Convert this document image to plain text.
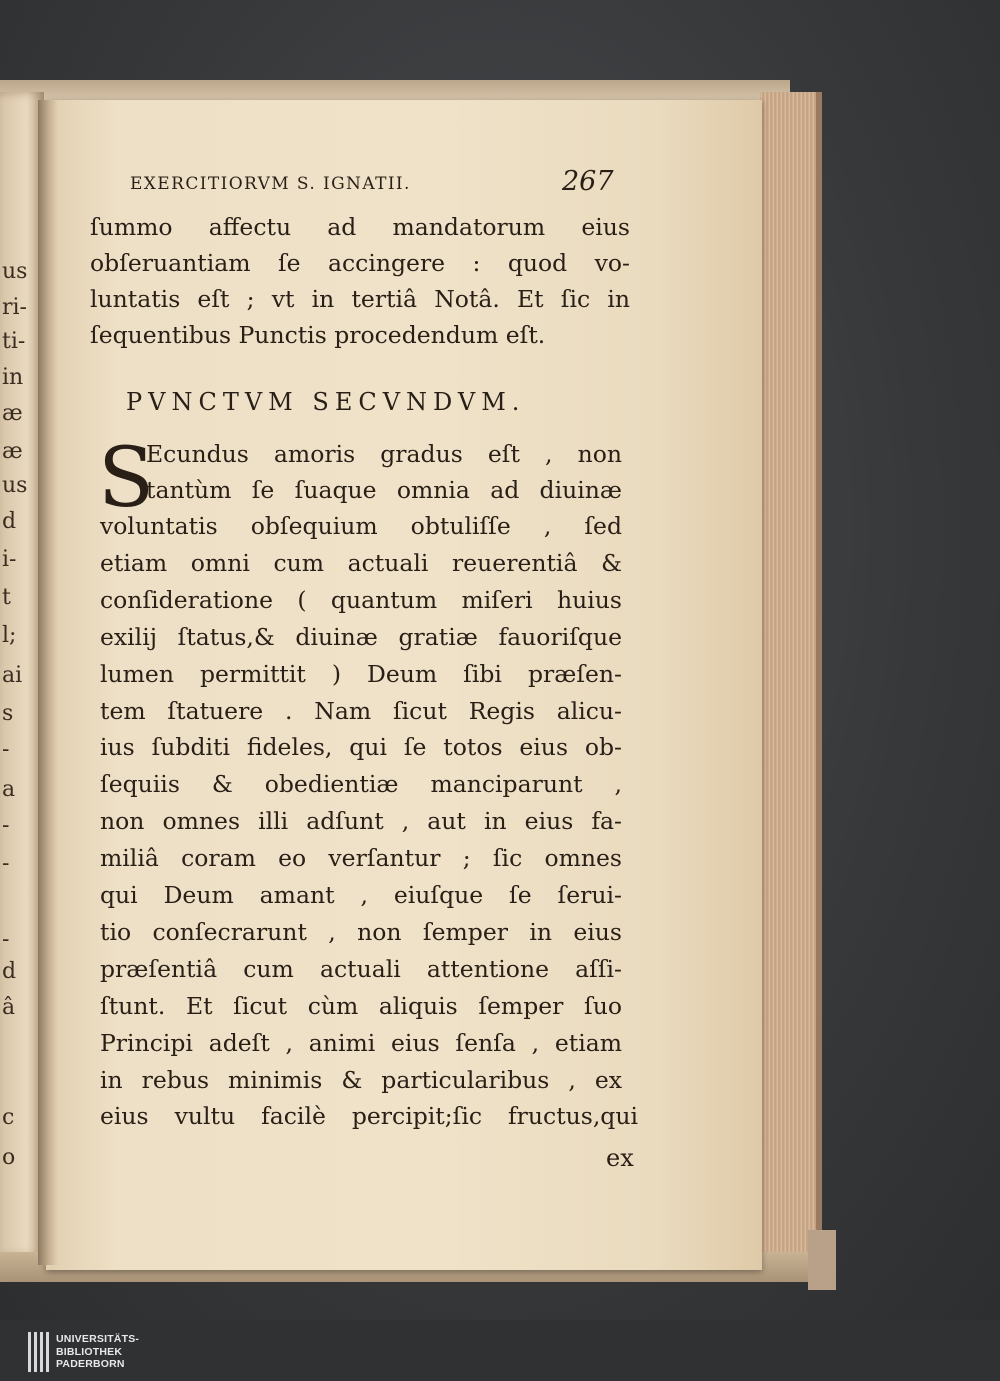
us
ri-
ti-
in
æ
æ
us
d
i-
t
l;
ai
s
-
a
-
-
-
d
â
c
o
EXERCITIORVM S. IGNATII.	267
ſummo affectu ad mandatorum eius
obſeruantiam ſe accingere : quod vo-
luntatis eſt ; vt in tertiâ Notâ. Et ſic in
ſequentibus Punctis procedendum eſt.
PVNCTVM SECVNDVM.
S
Ecundus amoris gradus eſt , non
tantùm ſe ſuaque omnia ad diuinæ
voluntatis obſequium obtuliſſe , ſed
etiam omni cum actuali reuerentiâ &
conſideratione ( quantum miſeri huius
exilij ſtatus,& diuinæ gratiæ fauoriſque
lumen permittit ) Deum ſibi præſen-
tem ſtatuere . Nam ſicut Regis alicu-
ius ſubditi fideles, qui ſe totos eius ob-
ſequiis & obedientiæ manciparunt ,
non omnes illi adſunt , aut in eius fa-
miliâ coram eo verſantur ; ſic omnes
qui Deum amant , eiuſque ſe ſerui-
tio conſecrarunt , non ſemper in eius
præſentiâ cum actuali attentione aſſi-
ſtunt. Et ſicut cùm aliquis ſemper ſuo
Principi adeſt , animi eius ſenſa , etiam
in rebus minimis & particularibus , ex
eius vultu facilè percipit;ſic fructus,qui
ex
UNIVERSITÄTS-
BIBLIOTHEK
PADERBORN
